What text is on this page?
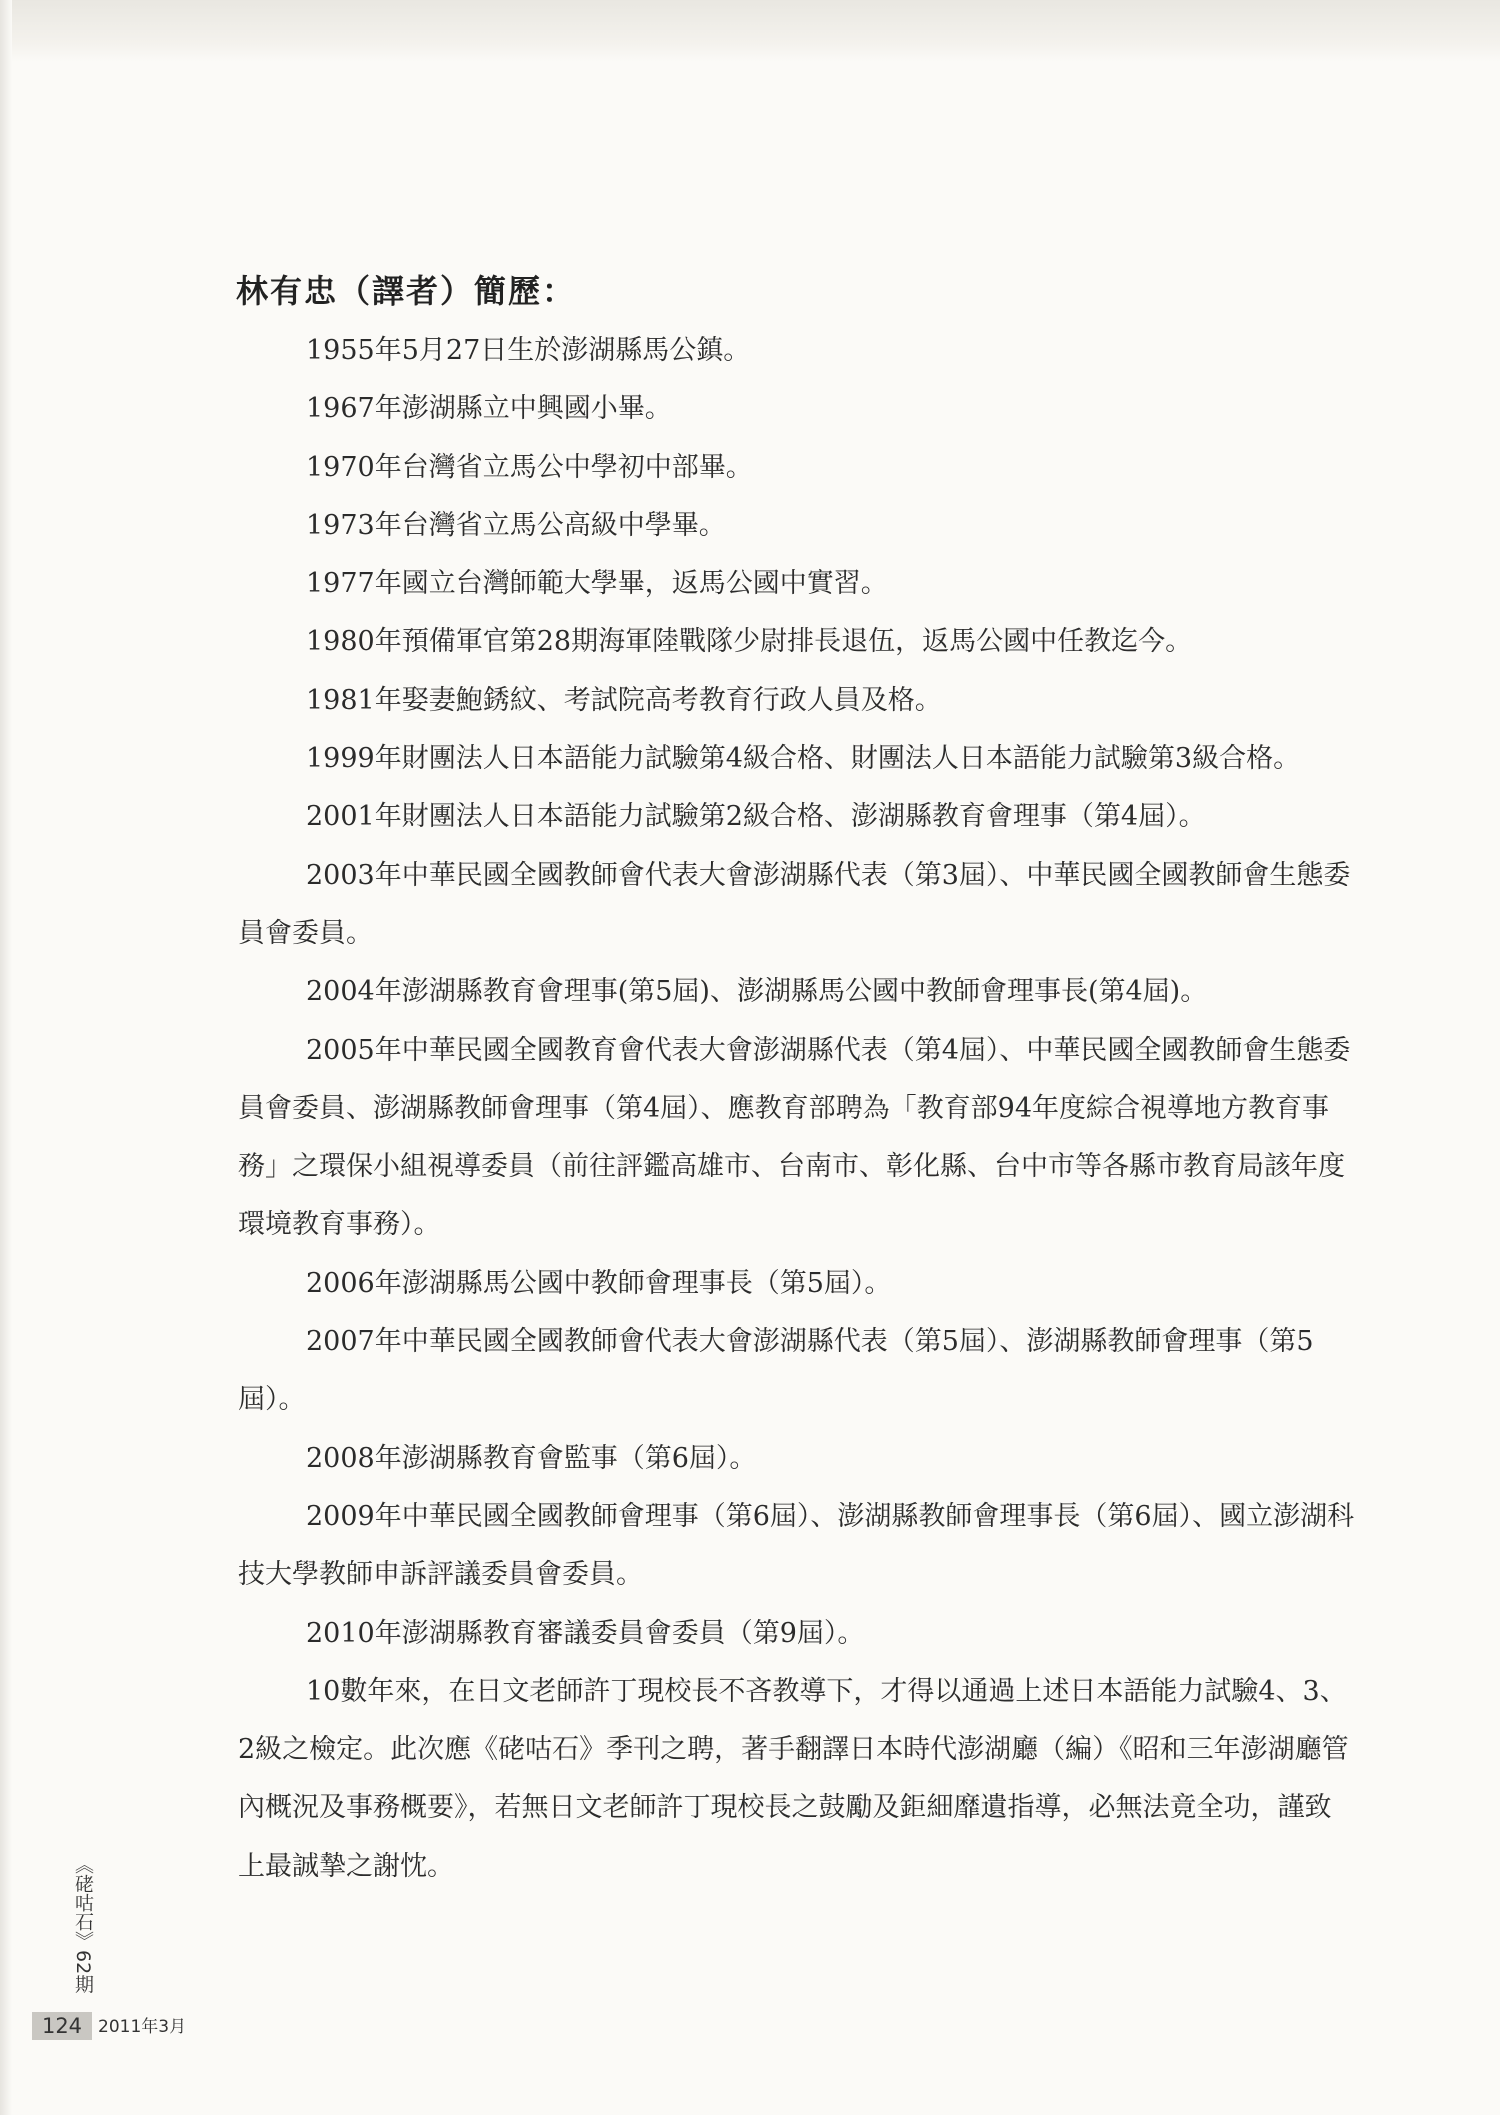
林有忠（譯者）簡歷：

1955年5月27日生於澎湖縣馬公鎮。

1967年澎湖縣立中興國小畢。

1970年台灣省立馬公中學初中部畢。

1973年台灣省立馬公高級中學畢。

1977年國立台灣師範大學畢，返馬公國中實習。

1980年預備軍官第28期海軍陸戰隊少尉排長退伍，返馬公國中任教迄今。

1981年娶妻鮑銹紋、考試院高考教育行政人員及格。

1999年財團法人日本語能力試驗第4級合格、財團法人日本語能力試驗第3級合格。

2001年財團法人日本語能力試驗第2級合格、澎湖縣教育會理事（第4屆）。

2003年中華民國全國教師會代表大會澎湖縣代表（第3屆）、中華民國全國教師會生態委員會委員。

2004年澎湖縣教育會理事(第5屆)、澎湖縣馬公國中教師會理事長(第4屆)。

2005年中華民國全國教育會代表大會澎湖縣代表（第4屆）、中華民國全國教師會生態委員會委員、澎湖縣教師會理事（第4屆）、應教育部聘為「教育部94年度綜合視導地方教育事務」之環保小組視導委員（前往評鑑高雄市、台南市、彰化縣、台中市等各縣市教育局該年度環境教育事務）。

2006年澎湖縣馬公國中教師會理事長（第5屆）。

2007年中華民國全國教師會代表大會澎湖縣代表（第5屆）、澎湖縣教師會理事（第5屆）。

2008年澎湖縣教育會監事（第6屆）。

2009年中華民國全國教師會理事（第6屆）、澎湖縣教師會理事長（第6屆）、國立澎湖科技大學教師申訴評議委員會委員。

2010年澎湖縣教育審議委員會委員（第9屆）。

10數年來，在日文老師許丁現校長不吝教導下，才得以通過上述日本語能力試驗4、3、2級之檢定。此次應《硓咕石》季刊之聘，著手翻譯日本時代澎湖廳（編）《昭和三年澎湖廳管內概況及事務概要》，若無日文老師許丁現校長之鼓勵及鉅細靡遺指導，必無法竟全功，謹致上最誠摯之謝忱。

《硓咕石》62期
124 2011年3月
